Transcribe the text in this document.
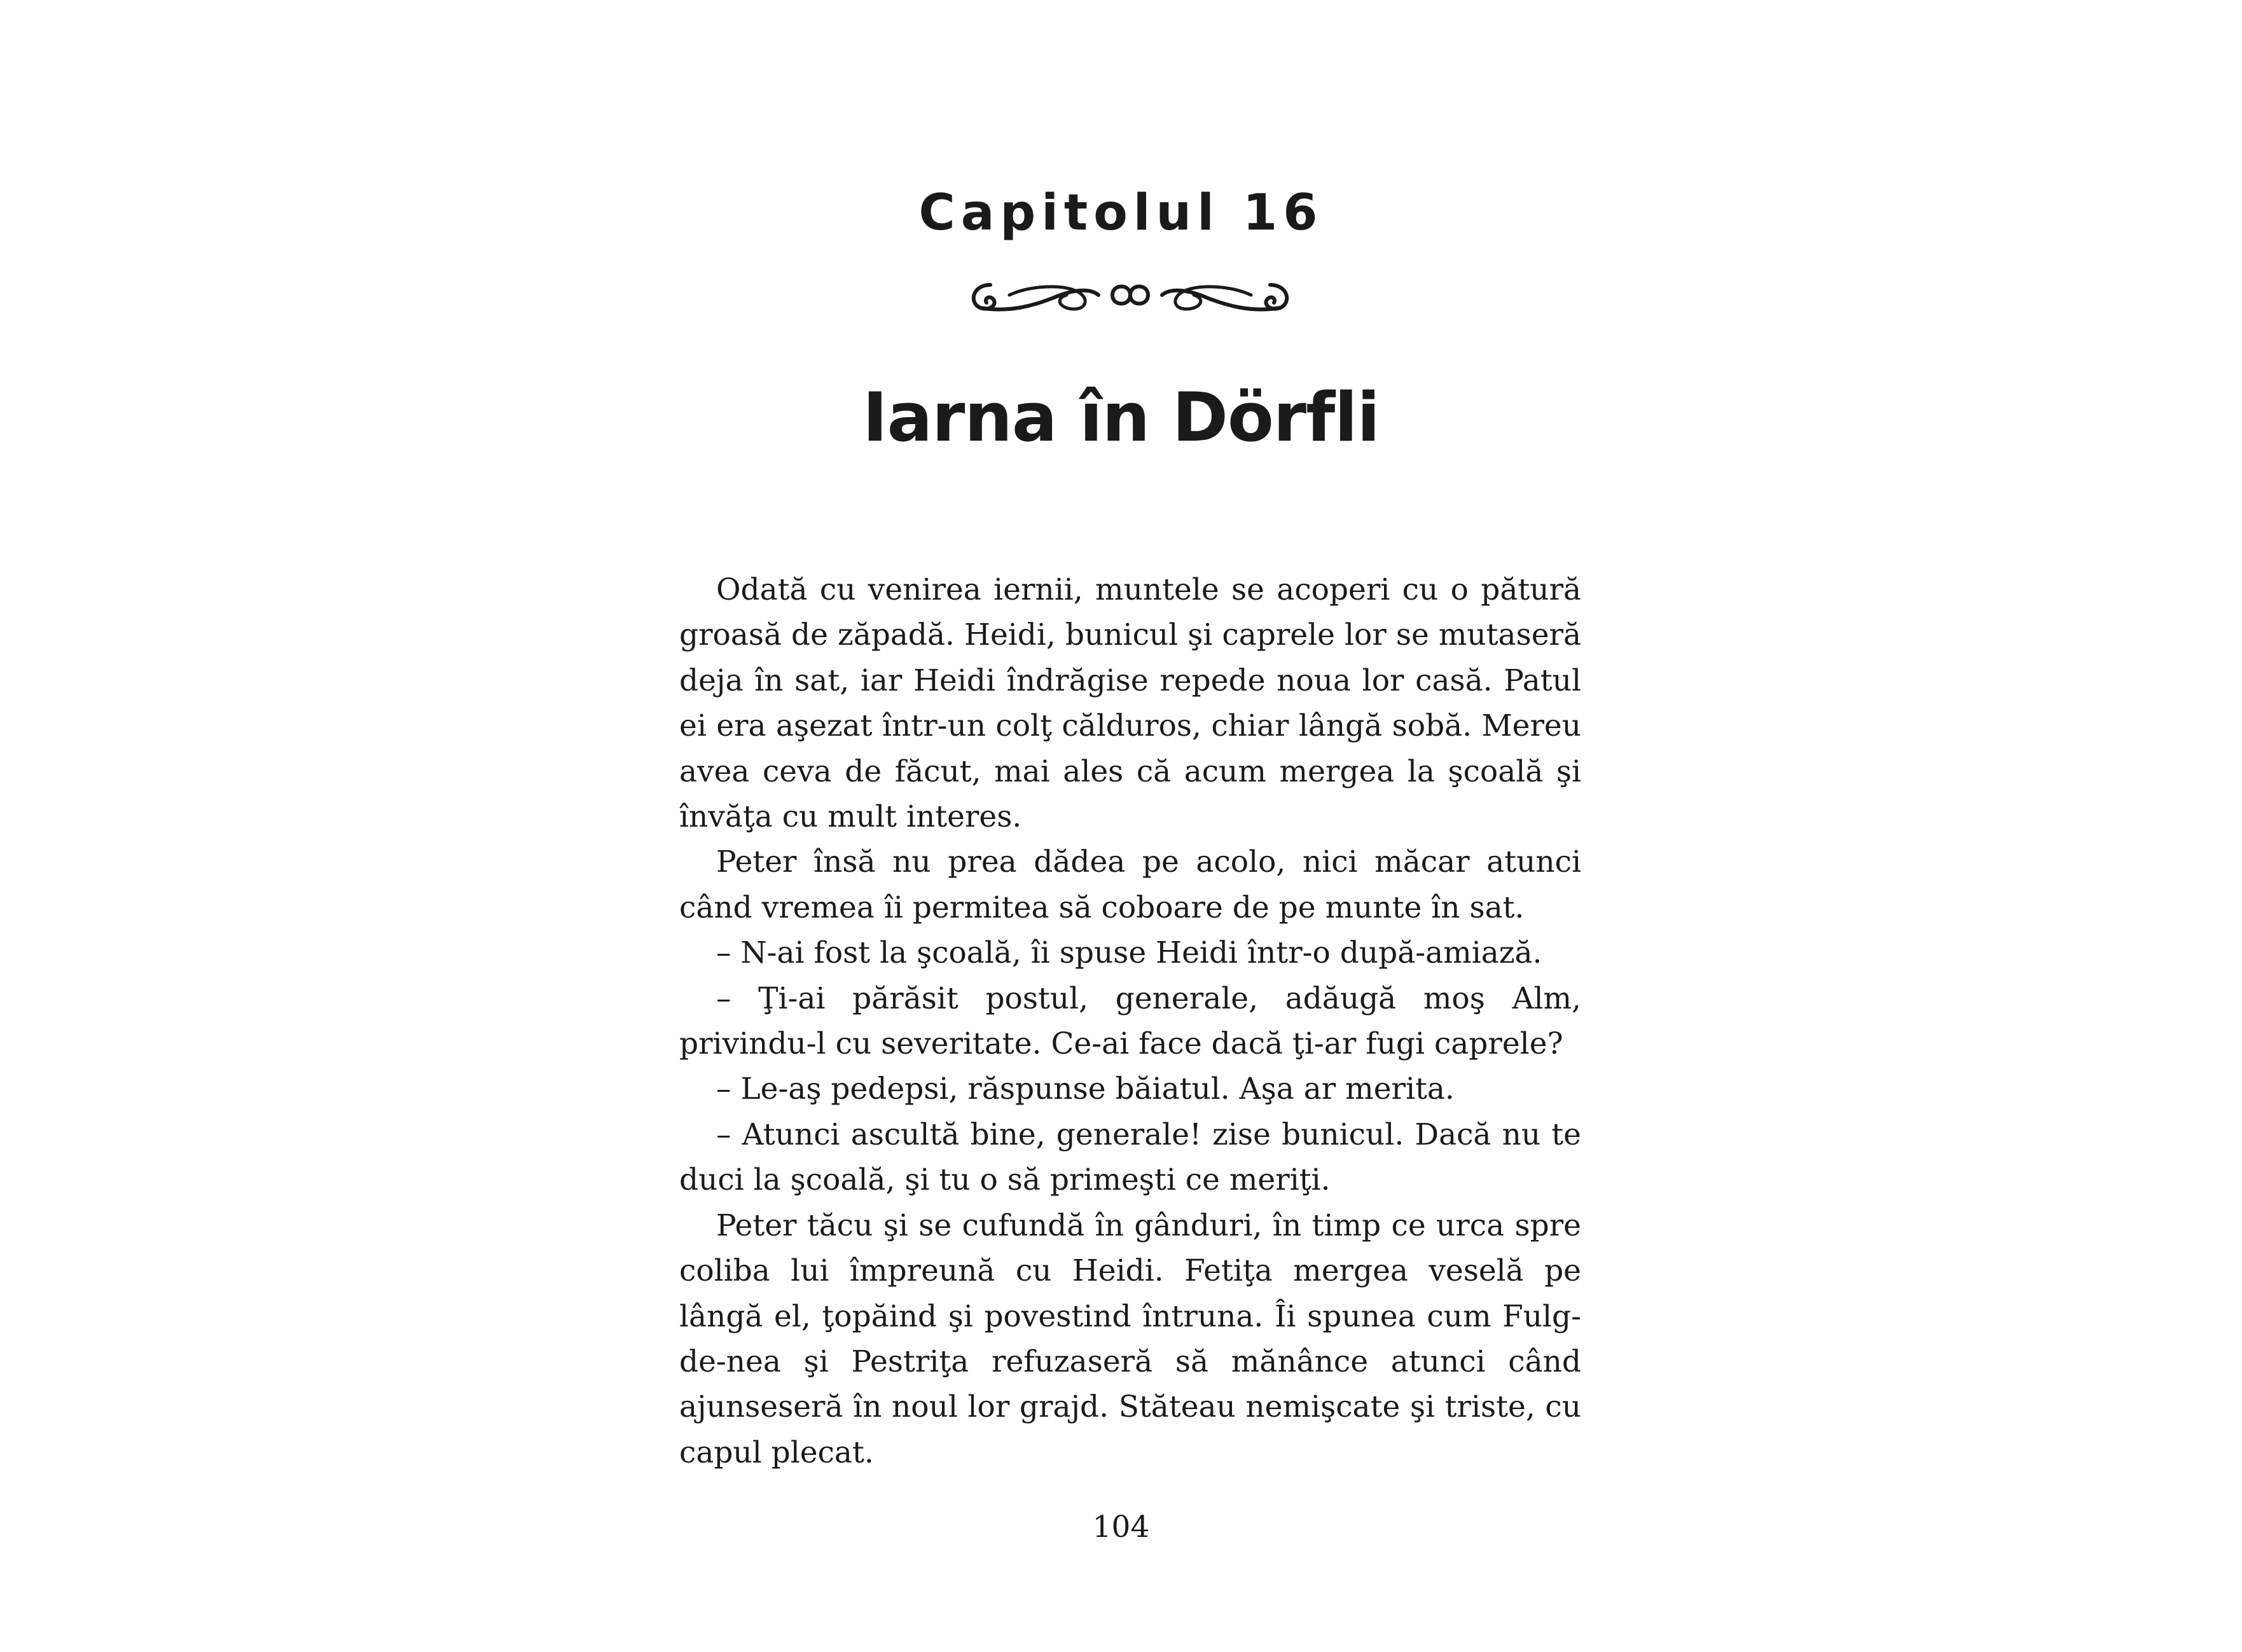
Capitolul 16
Iarna în Dörfli

Odată cu venirea iernii, muntele se acoperi cu o pătură groasă de zăpadă. Heidi, bunicul şi caprele lor se mutaseră deja în sat, iar Heidi îndrăgise repede noua lor casă. Patul ei era aşezat într-un colţ călduros, chiar lângă sobă. Mereu avea ceva de făcut, mai ales că acum mergea la şcoală şi învăţa cu mult interes.

Peter însă nu prea dădea pe acolo, nici măcar atunci când vremea îi permitea să coboare de pe munte în sat.

– N-ai fost la şcoală, îi spuse Heidi într-o după-amiază.

– Ţi-ai părăsit postul, generale, adăugă moş Alm, privindu-l cu severitate. Ce-ai face dacă ţi-ar fugi caprele?

– Le-aş pedepsi, răspunse băiatul. Aşa ar merita.

– Atunci ascultă bine, generale! zise bunicul. Dacă nu te duci la şcoală, şi tu o să primeşti ce meriţi.

Peter tăcu şi se cufundă în gânduri, în timp ce urca spre coliba lui împreună cu Heidi. Fetiţa mergea veselă pe lângă el, ţopăind şi povestind întruna. Îi spunea cum Fulg-de-nea şi Pestriţa refuzaseră să mănânce atunci când ajunseseră în noul lor grajd. Stăteau nemişcate şi triste, cu capul plecat.

104
